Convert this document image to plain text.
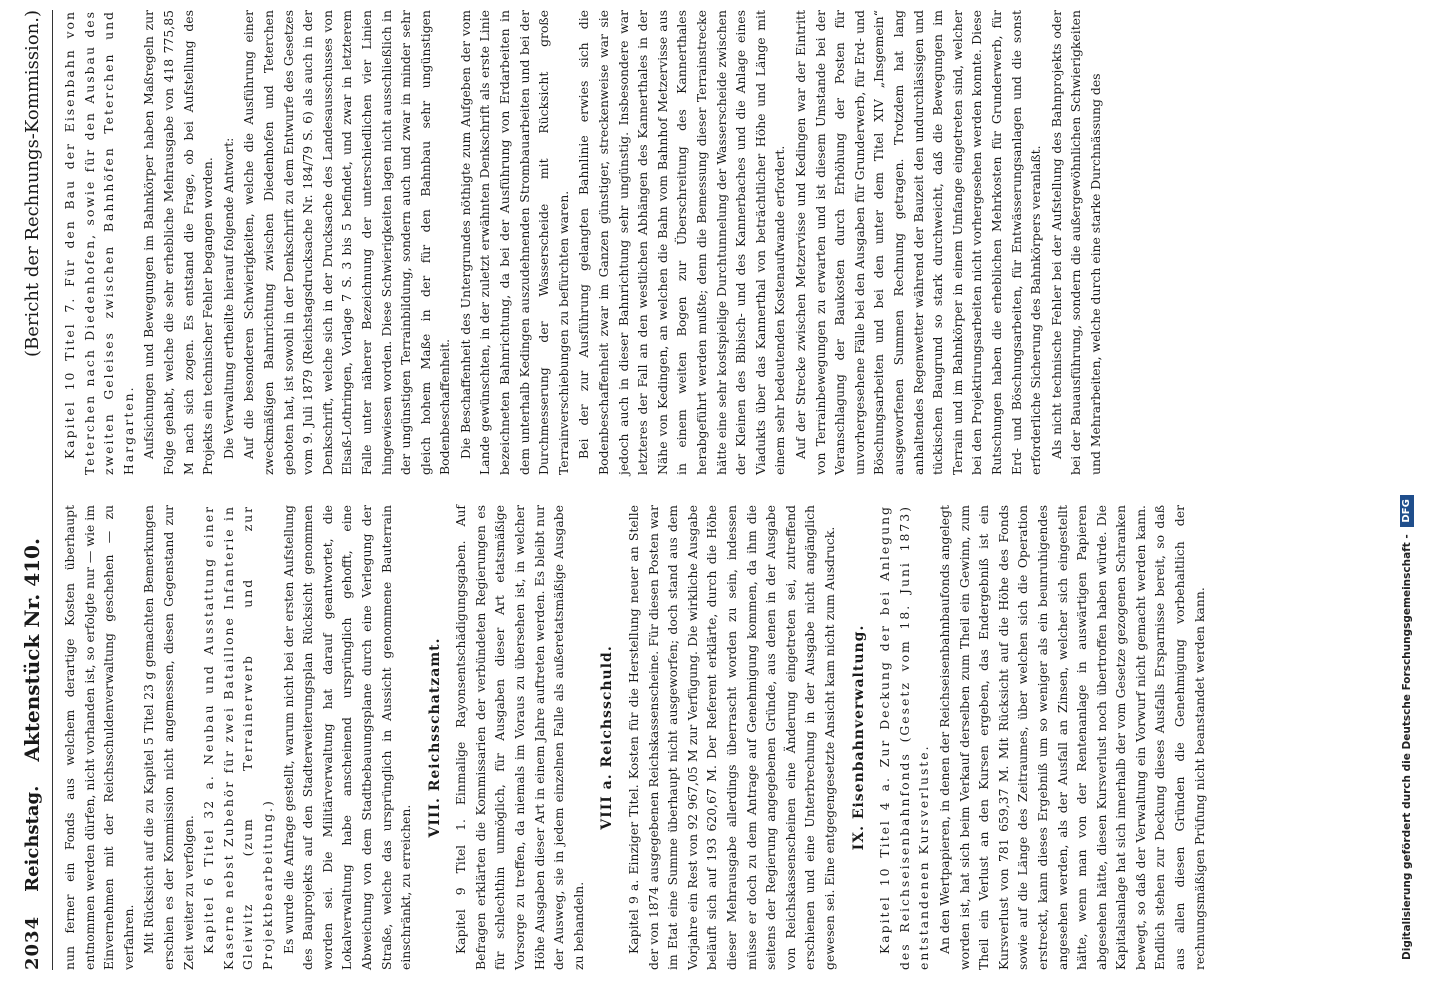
2034
Reichstag.
Aktenstück Nr. 410.
(Bericht der Rechnungs-Kommission.)

nun ferner ein Fonds aus welchem derartige Kosten überhaupt entnommen werden dürfen, nicht vorhanden ist, so erfolgte nur — wie im Einvernehmen mit der Reichsschuldenverwaltung geschehen — zu verfahren. Mit Rücksicht auf die zu Kapitel 5 Titel 23 g gemachten Bemerkungen erschien es der Kommission nicht angemessen, diesen Gegenstand zur Zeit weiter zu verfolgen. Kapitel 6 Titel 32 a. Neubau und Ausstattung einer Kaserne nebst Zubehör für zwei Bataillone Infanterie in Gleiwitz (zum Terrainerwerb und zur Projektbearbeitung.) Es wurde die Anfrage gestellt, warum nicht bei der ersten Aufstellung des Bauprojekts auf den Stadterweiterungsplan Rücksicht genommen worden sei. Die Militärverwaltung hat darauf geantwortet, die Lokalverwaltung habe anscheinend ursprünglich gehofft, eine Abweichung von dem Stadtbebauungsplane durch eine Verlegung der Straße, welche das ursprünglich in Aussicht genommene Bauterrain einschränkt, zu erreichen.

VIII. Reichsschatzamt. Kapitel 9 Titel 1. Einmalige Rayonsentschädigungsgaben. Auf Befragen erklärten die Kommissarien der verbündeten Regierungen es für schlechthin unmöglich, für Ausgaben dieser Art etatsmäßige Vorsorge zu treffen, da niemals im Voraus zu übersehen ist, in welcher Höhe Ausgaben dieser Art in einem Jahre auftreten werden. Es bleibt nur der Ausweg, sie in jedem einzelnen Falle als außeretatsmäßige Ausgabe zu behandeln.

VIII a. Reichsschuld. Kapitel 9 a. Einziger Titel. Kosten für die Herstellung neuer an Stelle der von 1874 ausgegebenen Reichskassenscheine. Für diesen Posten war im Etat eine Summe überhaupt nicht ausgeworfen; doch stand aus dem Vorjahre ein Rest von 92 967,05 M zur Verfügung. Die wirkliche Ausgabe beläuft sich auf 193 620,67 M. Der Referent erklärte, durch die Höhe dieser Mehrausgabe allerdings überrascht worden zu sein, indessen müsse er doch zu dem Antrage auf Genehmigung kommen, da ihm die seitens der Regierung angegebenen Gründe, aus denen in der Ausgabe von Reichskassenscheinen eine Änderung eingetreten sei, zutreffend erschienen und eine Unterbrechung in der Ausgabe nicht angänglich gewesen sei. Eine entgegengesetzte Ansicht kam nicht zum Ausdruck. IX. Eisenbahnverwaltung. Kapitel 10 Titel 4 a. Zur Deckung der bei Anlegung des Reichseisenbahnfonds (Gesetz vom 18. Juni 1873) entstandenen Kursverluste. An den Wertpapieren, in denen der Reichseisenbahnbaufonds angelegt worden ist, hat sich beim Verkauf derselben zum Theil ein Gewinn, zum Theil ein Verlust an den Kursen ergeben, das Endergebniß ist ein Kursverlust von 781 659,37 M. Mit Rücksicht auf die Höhe des Fonds sowie auf die Länge des Zeitraumes, über welchen sich die Operation erstreckt, kann dieses Ergebniß um so weniger als ein beunruhigendes angesehen werden, als der Ausfall an Zinsen, welcher sich eingestellt hätte, wenn man von der Rentenanlage in auswärtigen Papieren abgesehen hätte, diesen Kursverlust noch übertroffen haben würde. Die Kapitalsanlage hat sich innerhalb der vom Gesetze gezogenen Schranken bewegt, so daß der Verwaltung ein Vorwurf nicht gemacht werden kann. Endlich stehen zur Deckung dieses Ausfalls Ersparnisse bereit, so daß aus allen diesen Gründen die Genehmigung vorbehaltlich der rechnungsmäßigen Prüfung nicht beanstandet werden kann.

Kapitel 10 Titel 7. Für den Bau der Eisenbahn von Teterchen nach Diedenhofen, sowie für den Ausbau des zweiten Geleises zwischen Bahnhöfen Teterchen und Hargarten. Aufsichungen und Bewegungen im Bahnkörper haben Maßregeln zur Folge gehabt, welche die sehr erhebliche Mehrausgabe von 418 775,85 M nach sich zogen. Es entstand die Frage, ob bei Aufstellung des Projekts ein technischer Fehler begangen worden. Die Verwaltung ertheilte hierauf folgende Antwort: Auf die besonderen Schwierigkeiten, welche die Ausführung einer zweckmäßigen Bahnrichtung zwischen Diedenhofen und Teterchen geboten hat, ist sowohl in der Denkschrift zu dem Entwurfe des Gesetzes vom 9. Juli 1879 (Reichstagsdrucksache Nr. 184/79 S. 6) als auch in der Denkschrift, welche sich in der Drucksache des Landesausschusses von Elsaß-Lothringen, Vorlage 7 S. 3 bis 5 befindet, und zwar in letzterem Falle unter näherer Bezeichnung der unterschiedlichen vier Linien hingewiesen worden. Diese Schwierigkeiten lagen nicht ausschließlich in der ungünstigen Terrainbildung, sondern auch und zwar in minder sehr gleich hohem Maße in der für den Bahnbau sehr ungünstigen Bodenbeschaffenheit. Die Beschaffenheit des Untergrundes nöthigte zum Aufgeben der vom Lande gewünschten, in der zuletzt erwähnten Denkschrift als erste Linie bezeichneten Bahnrichtung, da bei der Ausführung von Erdarbeiten in dem unterhalb Kedingen auszudehnenden Strombauarbeiten und bei der Durchmesserung der Wasserscheide mit Rücksicht große Terrainverschiebungen zu befürchten waren. Bei der zur Ausführung gelangten Bahnlinie erwies sich die Bodenbeschaffenheit zwar im Ganzen günstiger, streckenweise war sie jedoch auch in dieser Bahnrichtung sehr ungünstig. Insbesondere war letzteres der Fall an den westlichen Abhängen des Kannerthales in der Nähe von Kedingen, an welchen die Bahn vom Bahnhof Metzervisse aus in einem weiten Bogen zur Überschreitung des Kannerthales herabgeführt werden mußte; denn die Bemessung dieser Terrainstrecke hätte eine sehr kostspielige Durchtunnelung der Wasserscheide zwischen der Kleinen des Bibisch- und des Kannerbaches und die Anlage eines Viadukts über das Kannerthal von beträchtlicher Höhe und Länge mit einem sehr bedeutenden Kostenaufwande erfordert. Auf der Strecke zwischen Metzervisse und Kedingen war der Eintritt von Terrainbewegungen zu erwarten und ist diesem Umstande bei der Veranschlagung der Baukosten durch Erhöhung der Posten für unvorhergesehene Fälle bei den Ausgaben für Grunderwerb, für Erd- und Böschungsarbeiten und bei den unter dem Titel XIV „Insgemein“ ausgeworfenen Summen Rechnung getragen. Trotzdem hat lang anhaltendes Regenwetter während der Bauzeit den undurchlässigen und tückischen Baugrund so stark durchweicht, daß die Bewegungen im Terrain und im Bahnkörper in einem Umfange eingetreten sind, welcher bei den Projektirungsarbeiten nicht vorhergesehen werden konnte. Diese Rutschungen haben die erheblichen Mehrkosten für Grunderwerb, für Erd- und Böschungsarbeiten, für Entwässerungsanlagen und die sonst erforderliche Sicherung des Bahnkörpers veranlaßt. Als nicht technische Fehler bei der Aufstellung des Bahnprojekts oder bei der Bauausführung, sondern die außergewöhnlichen Schwierigkeiten und Mehrarbeiten, welche durch eine starke Durchnässung des

Digitalisierung gefördert durch die Deutsche Forschungsgemeinschaft - DFG
